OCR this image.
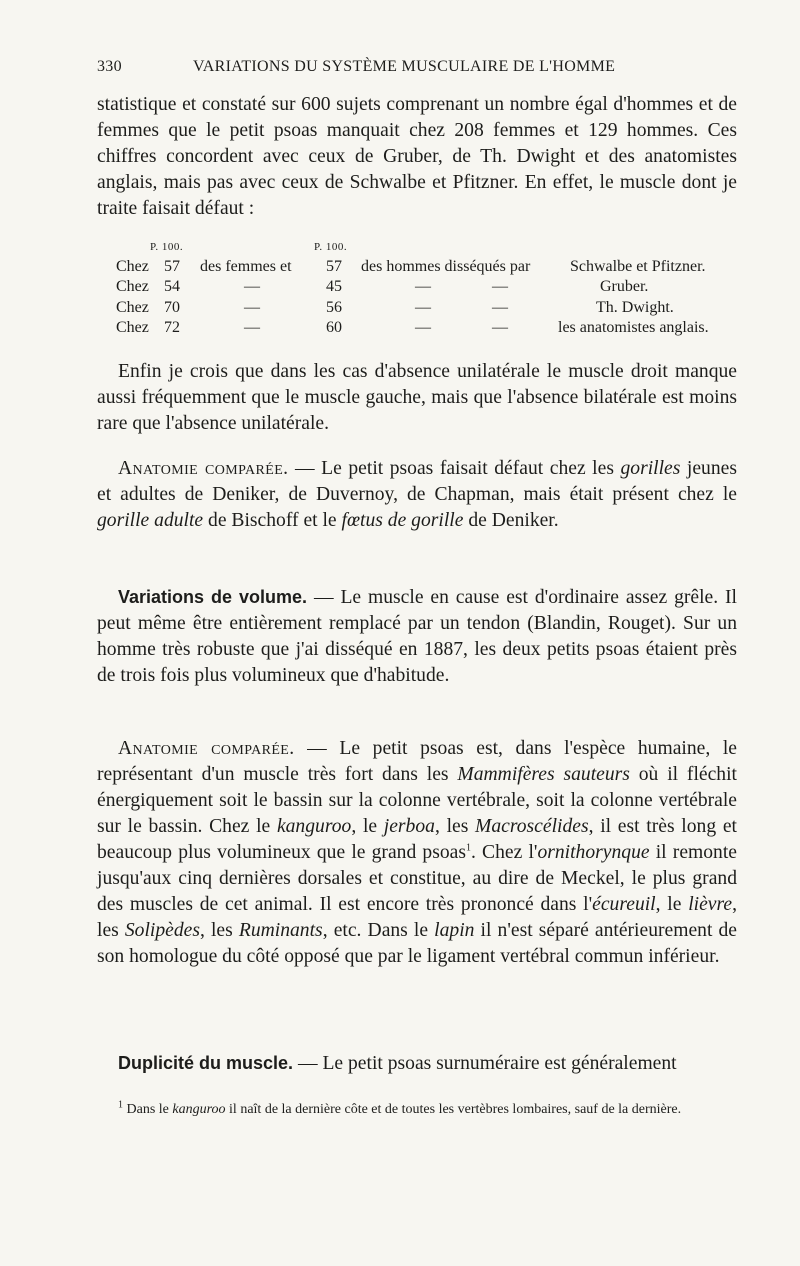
330	VARIATIONS DU SYSTÈME MUSCULAIRE DE L'HOMME

statistique et constaté sur 600 sujets comprenant un nombre égal d'hommes et de femmes que le petit psoas manquait chez 208 femmes et 129 hommes. Ces chiffres concordent avec ceux de Gruber, de Th. Dwight et des anatomistes anglais, mais pas avec ceux de Schwalbe et Pfitzner. En effet, le muscle dont je traite faisait défaut :

P. 100.	P. 100.
Chez 57 des femmes et 57 des hommes disséqués par Schwalbe et Pfitzner.
Chez 54	—	45	—	—	Gruber.
Chez 70	—	56	—	—	Th. Dwight.
Chez 72	—	60	—	—	les anatomistes anglais.

Enfin je crois que dans les cas d'absence unilatérale le muscle droit manque aussi fréquemment que le muscle gauche, mais que l'absence bilatérale est moins rare que l'absence unilatérale.

Anatomie comparée. — Le petit psoas faisait défaut chez les gorilles jeunes et adultes de Deniker, de Duvernoy, de Chapman, mais était présent chez le gorille adulte de Bischoff et le fœtus de gorille de Deniker.

Variations de volume. — Le muscle en cause est d'ordinaire assez grêle. Il peut même être entièrement remplacé par un tendon (Blandin, Rouget). Sur un homme très robuste que j'ai disséqué en 1887, les deux petits psoas étaient près de trois fois plus volumineux que d'habitude.

Anatomie comparée. — Le petit psoas est, dans l'espèce humaine, le représentant d'un muscle très fort dans les Mammifères sauteurs où il fléchit énergiquement soit le bassin sur la colonne vertébrale, soit la colonne vertébrale sur le bassin. Chez le kanguroo, le jerboa, les Macroscélides, il est très long et beaucoup plus volumineux que le grand psoas$^1$. Chez l'ornithorynque il remonte jusqu'aux cinq dernières dorsales et constitue, au dire de Meckel, le plus grand des muscles de cet animal. Il est encore très prononcé dans l'écureuil, le lièvre, les Solipèdes, les Ruminants, etc. Dans le lapin il n'est séparé antérieurement de son homologue du côté opposé que par le ligament vertébral commun inférieur.

Duplicité du muscle. — Le petit psoas surnuméraire est généralement

$^1$ Dans le kanguroo il naît de la dernière côte et de toutes les vertèbres lombaires, sauf de la dernière.
